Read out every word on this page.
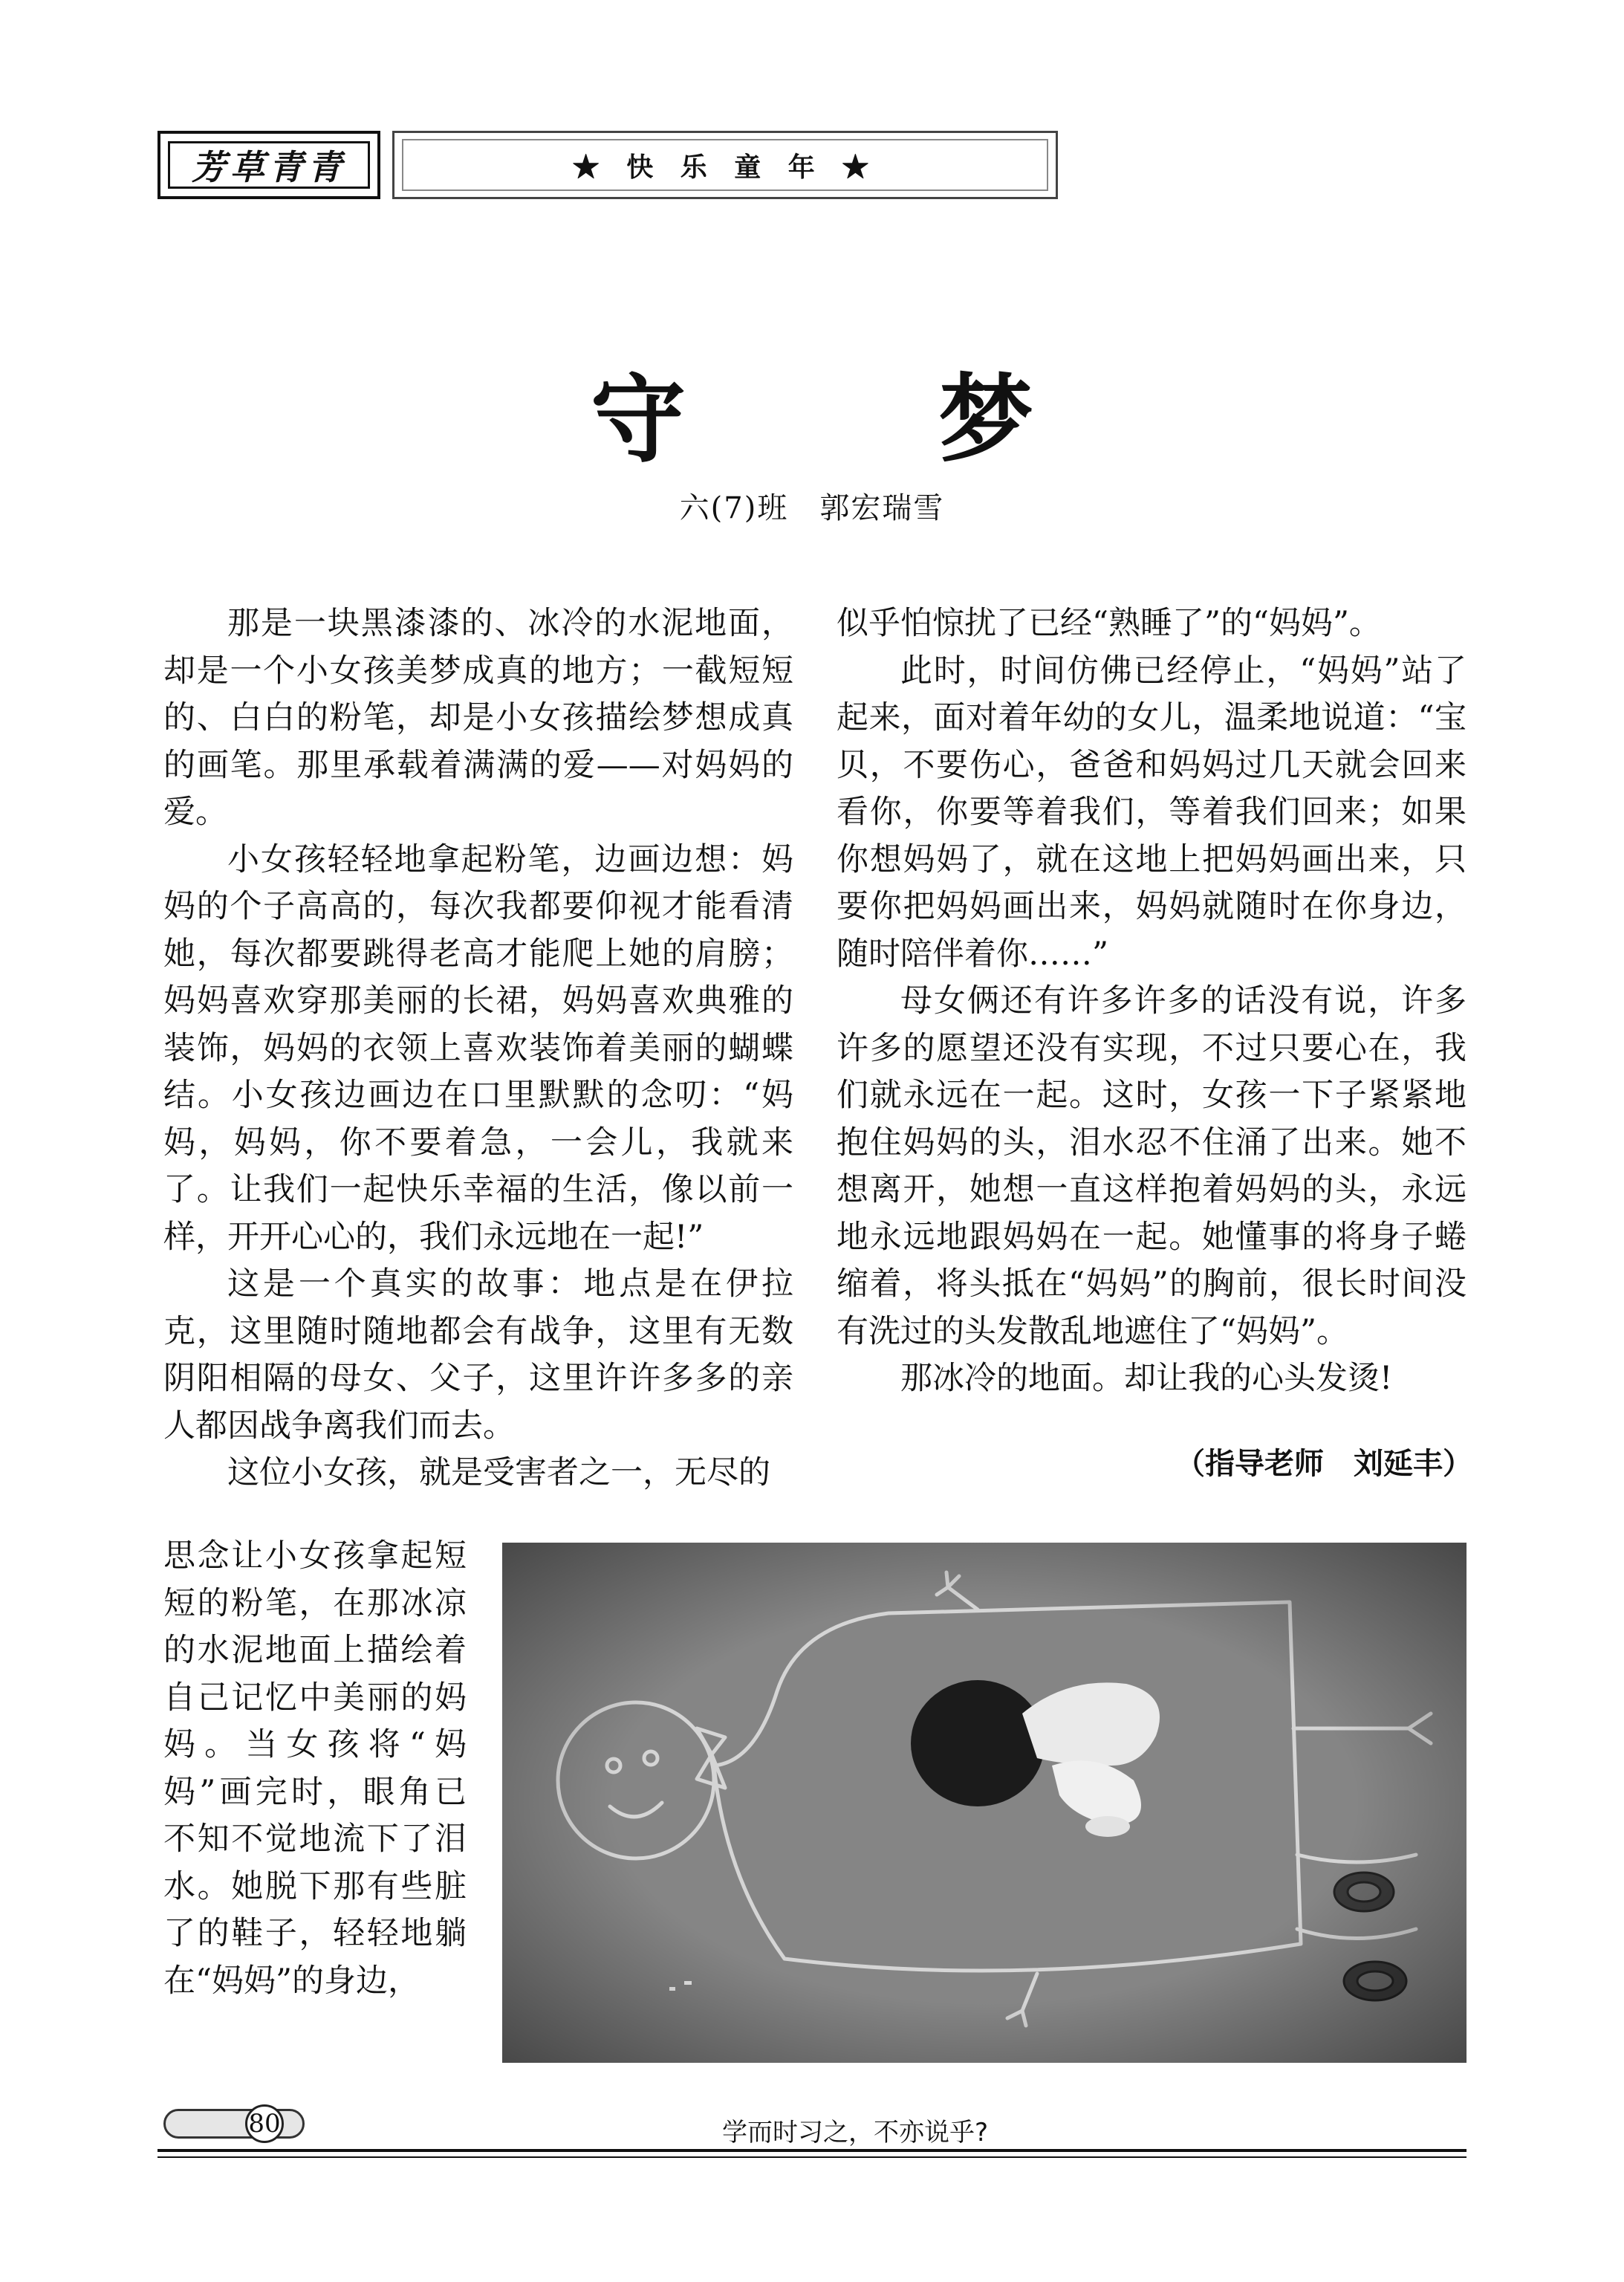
芳草青青	★ 快 乐 童 年 ★
守梦
六(7)班　郭宏瑞雪

那是一块黑漆漆的、冰冷的水泥地面，却是一个小女孩美梦成真的地方；一截短短的、白白的粉笔，却是小女孩描绘梦想成真的画笔。那里承载着满满的爱——对妈妈的爱。

小女孩轻轻地拿起粉笔，边画边想：妈妈的个子高高的，每次我都要仰视才能看清她，每次都要跳得老高才能爬上她的肩膀；妈妈喜欢穿那美丽的长裙，妈妈喜欢典雅的装饰，妈妈的衣领上喜欢装饰着美丽的蝴蝶结。小女孩边画边在口里默默的念叨：“妈妈，妈妈，你不要着急，一会儿，我就来了。让我们一起快乐幸福的生活，像以前一样，开开心心的，我们永远地在一起!”

这是一个真实的故事：地点是在伊拉克，这里随时随地都会有战争，这里有无数阴阳相隔的母女、父子，这里许许多多的亲人都因战争离我们而去。

这位小女孩，就是受害者之一，无尽的

思念让小女孩拿起短短的粉笔，在那冰凉的水泥地面上描绘着自己记忆中美丽的妈妈。当女孩将“妈妈”画完时，眼角已不知不觉地流下了泪水。她脱下那有些脏了的鞋子，轻轻地躺在“妈妈”的身边，

似乎怕惊扰了已经“熟睡了”的“妈妈”。

此时，时间仿佛已经停止，“妈妈”站了起来，面对着年幼的女儿，温柔地说道：“宝贝，不要伤心，爸爸和妈妈过几天就会回来看你，你要等着我们，等着我们回来；如果你想妈妈了，就在这地上把妈妈画出来，只要你把妈妈画出来，妈妈就随时在你身边，随时陪伴着你……”

母女俩还有许多许多的话没有说，许多许多的愿望还没有实现，不过只要心在，我们就永远在一起。这时，女孩一下子紧紧地抱住妈妈的头，泪水忍不住涌了出来。她不想离开，她想一直这样抱着妈妈的头，永远地永远地跟妈妈在一起。她懂事的将身子蜷缩着，将头抵在“妈妈”的胸前，很长时间没有洗过的头发散乱地遮住了“妈妈”。

那冰冷的地面。却让我的心头发烫!

（指导老师　刘延丰）
80	学而时习之，不亦说乎?
